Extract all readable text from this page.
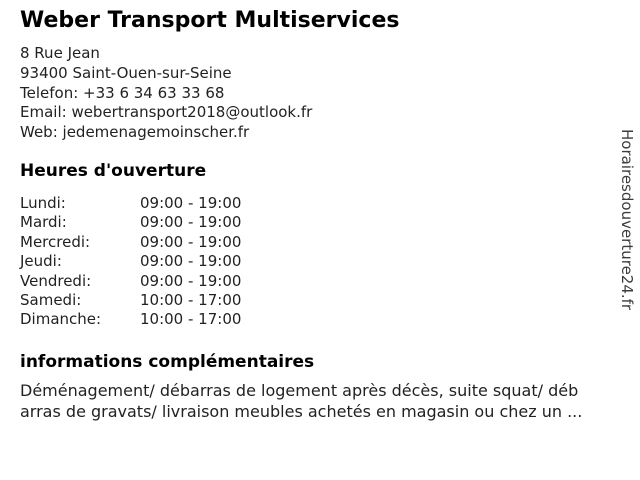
Weber Transport Multiservices
8 Rue Jean
93400 Saint-Ouen-sur-Seine
Telefon: +33 6 34 63 33 68
Email: webertransport2018@outlook.fr
Web: jedemenagemoinscher.fr
Heures d'ouverture
Lundi:	09:00 - 19:00
Mardi:	09:00 - 19:00
Mercredi:	09:00 - 19:00
Jeudi:	09:00 - 19:00
Vendredi:	09:00 - 19:00
Samedi:	10:00 - 17:00
Dimanche:	10:00 - 17:00
informations complémentaires
Déménagement/ débarras de logement après décès, suite squat/ déb
arras de gravats/ livraison meubles achetés en magasin ou chez un ...
Horairesdouverture24.fr
